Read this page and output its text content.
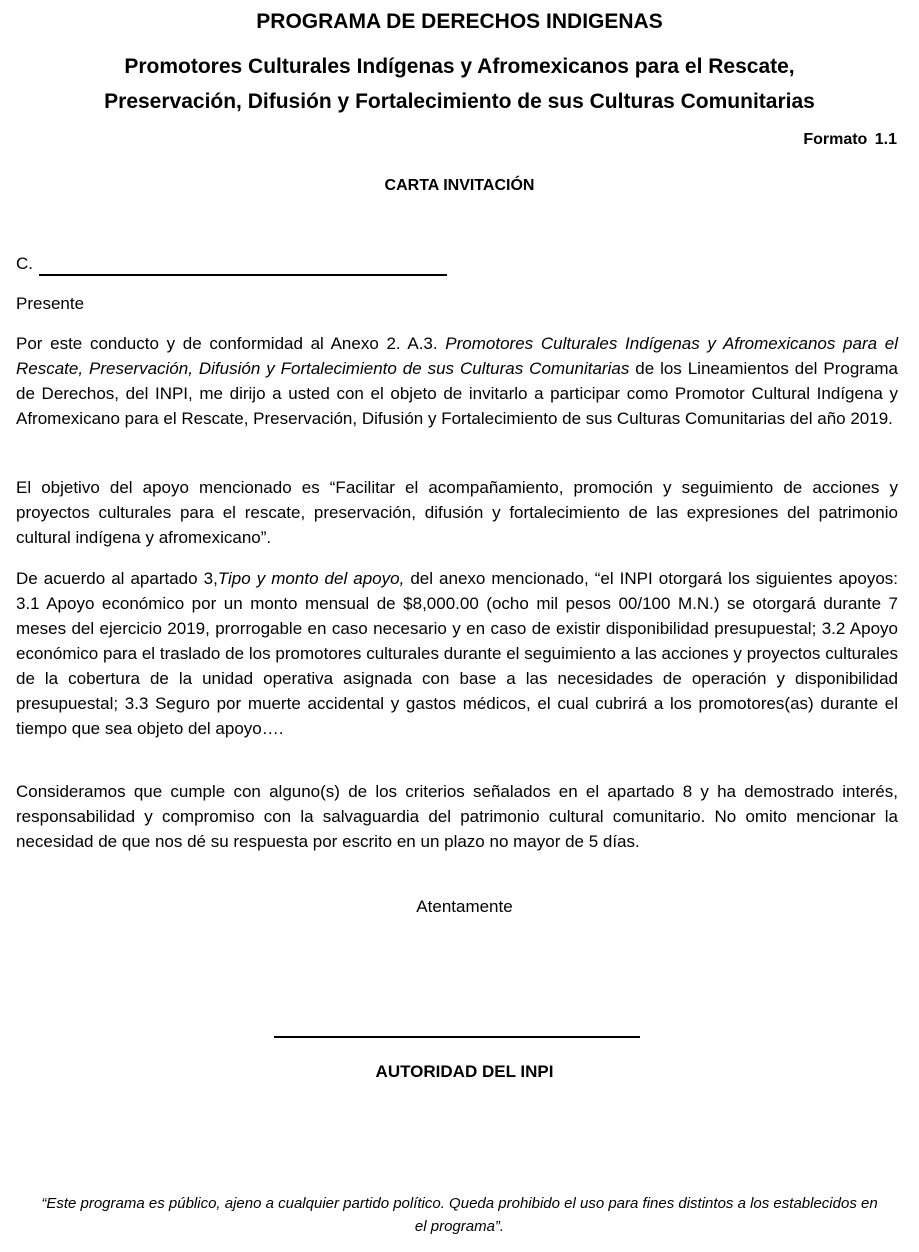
PROGRAMA DE DERECHOS INDIGENAS
Promotores Culturales Indígenas y Afromexicanos para el Rescate,
Preservación, Difusión y Fortalecimiento de sus Culturas Comunitarias
Formato 1.1
CARTA INVITACIÓN
C.
Presente
Por este conducto y de conformidad al Anexo 2. A.3. Promotores Culturales Indígenas y Afromexicanos para el Rescate, Preservación, Difusión y Fortalecimiento de sus Culturas Comunitarias de los Lineamientos del Programa de Derechos, del INPI, me dirijo a usted con el objeto de invitarlo a participar como Promotor Cultural Indígena y Afromexicano para el Rescate, Preservación, Difusión y Fortalecimiento de sus Culturas Comunitarias del año 2019.
El objetivo del apoyo mencionado es “Facilitar el acompañamiento, promoción y seguimiento de acciones y proyectos culturales para el rescate, preservación, difusión y fortalecimiento de las expresiones del patrimonio cultural indígena y afromexicano”.
De acuerdo al apartado 3,Tipo y monto del apoyo, del anexo mencionado, “el INPI otorgará los siguientes apoyos: 3.1 Apoyo económico por un monto mensual de $8,000.00 (ocho mil pesos 00/100 M.N.) se otorgará durante 7 meses del ejercicio 2019, prorrogable en caso necesario y en caso de existir disponibilidad presupuestal; 3.2 Apoyo económico para el traslado de los promotores culturales durante el seguimiento a las acciones y proyectos culturales de la cobertura de la unidad operativa asignada con base a las necesidades de operación y disponibilidad presupuestal; 3.3 Seguro por muerte accidental y gastos médicos, el cual cubrirá a los promotores(as) durante el tiempo que sea objeto del apoyo….
Consideramos que cumple con alguno(s) de los criterios señalados en el apartado 8 y ha demostrado interés, responsabilidad y compromiso con la salvaguardia del patrimonio cultural comunitario. No omito mencionar la necesidad de que nos dé su respuesta por escrito en un plazo no mayor de 5 días.
Atentamente
AUTORIDAD DEL INPI
“Este programa es público, ajeno a cualquier partido político. Queda prohibido el uso para fines distintos a los establecidos en el programa”.
